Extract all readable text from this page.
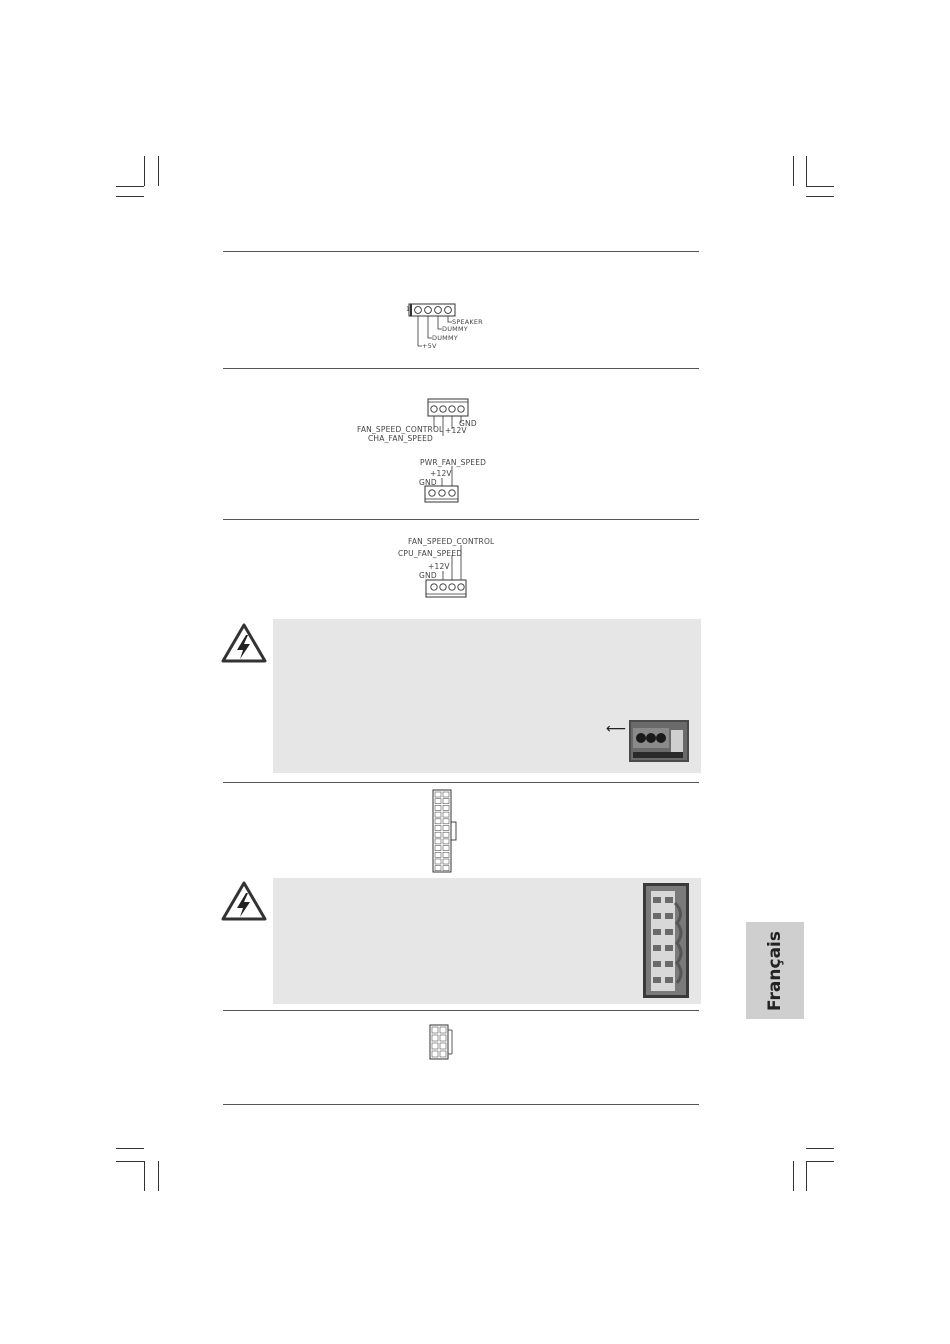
1
SPEAKER
DUMMY
DUMMY
+5V
GND
+12V
CHA_FAN_SPEED
FAN_SPEED_CONTROL
PWR_FAN_SPEED
+12V
GND
FAN_SPEED_CONTROL
CPU_FAN_SPEED
+12V
GND
⟵
Français
